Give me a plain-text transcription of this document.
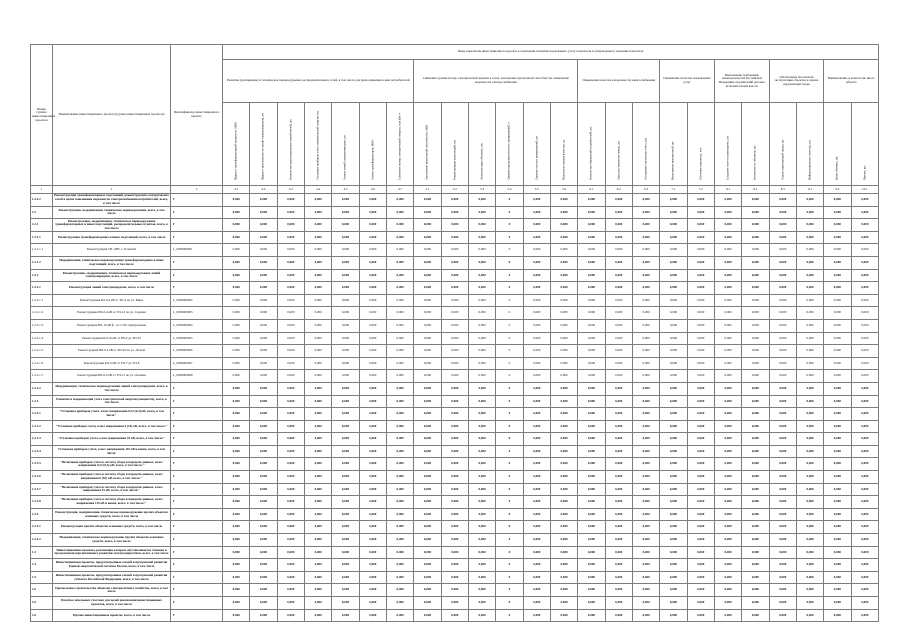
Номер группы инвестиционных проектов	Наименование инвестиционного проекта (группы инвестиционных проектов)	Идентификатор инвестиционного проекта	Иные показатели инвестиционного проекта в отношении значения подлежащего учету показателя и утвержденного значения показателя																							
			Развитие (расширение) и техническое перевооружение распределительных сетей, в том числе для присоединения к ним потребителей							Снижение уровня потерь электрической энергии в сетях, увеличение пропускной способности, повышение надежности электроснабжения						Повышение качества и надежности энергоснабжения			Повышение качества оказываемых услуг		Выполнение требований законодательства Российской Федерации, предписаний органов исполнительной власти		Обеспечение безопасной эксплуатации объектов и охрана окружающей среды		Наименование и количество иного объекта	

			Прирост трансформаторной мощности, МВА	Прирост протяженности линий электропередачи, км	Количество присоединяемых потребителей, шт.	Установка приборов учета электрической энергии, шт.	Замена линий электропередачи, км	Замена трансформаторов, МВА	Снижение потерь электрической энергии, млн кВт·ч	Увеличение пропускной способности, МВт	Реконструкция подстанций, шт.	Автоматизация объектов, шт.	Средняя продолжительность прекращений, ч	Средняя частота прекращений, шт.	Показатель уровня качества, ед.	Количество обращений потребителей, шт.	Срок рассмотрения заявок, дн.	Оснащение системами учета, шт.	Выполнение предписаний, шт.	Обучение персонала, чел.	Создание систем мониторинга, шт.	Безопасность объектов, шт.	Охрана окружающей среды, шт.	Информационные системы, шт.	Иные объекты, шт.	Прочее, шт.

1	2	3	4.1	4.2	4.3	4.4	4.5	4.6	4.7	5.1	5.2	5.3	5.4	5.5	5.6	6.1	6.2	6.3	7.1	7.2	8.1	8.2	8.3	9.1	9.2	10.1
1.2.4.2	Реконструкция трансформаторных подстанций, реконструкция электрических сетей в целях повышения надежности электроснабжения потребителей, всего, в том числе	Г	0,000	0,000	0,000	0,000	0,000	0,000	0,000	0,000	0,000	0,000	0	0,000	0,000	0,000	0,000	0,000	0,000	0,000	0,000	0,000	0,000	0,000	0,000	0,000
1.2	Реконструкция, модернизация, техническое перевооружение, всего, в том числе	Г	0,000	0,000	0,000	0,000	0,000	0,000	0,000	0,000	0,000	0,000	0	0,000	0,000	0,000	0,000	0,000	0,000	0,000	0,000	0,000	0,000	0,000	0,000	0,000
1.2.1	Реконструкция, модернизация, техническое перевооружение трансформаторных и иных подстанций, распределительных пунктов, всего, в том числе	Г	0,000	0,000	0,000	0,000	0,000	0,000	0,000	0,000	0,000	0,000	0	0,000	0,000	0,000	0,000	0,000	0,000	0,000	0,000	0,000	0,000	0,000	0,000	0,000
1.2.1.1	Реконструкция трансформаторных и иных подстанций, всего, в том числе	Г	0,000	0,000	0,000	0,000	0,000	0,000	0,000	0,000	0,000	0,000	0	0,000	0,000	0,000	0,000	0,000	0,000	0,000	0,000	0,000	0,000	0,000	0,000	0,000
1.2.1.1.1	Реконструкция ТП-1085, г. Тольятти	L_0000000001	0,000	0,000	0,000	0,000	0,000	0,000	0,000	0,000	0,000	0,000	0	0,000	0,000	0,000	0,000	0,000	0,000	0,000	0,000	0,000	0,000	0,000	0,000	0,000
1.2.1.2	Модернизация, техническое перевооружение трансформаторных и иных подстанций, всего, в том числе	Г	0,000	0,000	0,000	0,000	0,000	0,000	0,000	0,000	0,000	0,000	0	0,000	0,000	0,000	0,000	0,000	0,000	0,000	0,000	0,000	0,000	0,000	0,000	0,000
1.2.2	Реконструкция, модернизация, техническое перевооружение линий электропередачи, всего, в том числе	Г	0,000	0,000	0,000	0,000	0,000	0,000	0,000	0,000	0,000	0,000	0	0,000	0,000	0,000	0,000	0,000	0,000	0,000	0,000	0,000	0,000	0,000	0,000	0,000
1.2.2.1	Реконструкция линий электропередачи, всего, в том числе	Г	0,000	0,000	0,000	0,000	0,000	0,000	0,000	0,000	0,000	0,000	0	0,000	0,000	0,000	0,000	0,000	0,000	0,000	0,000	0,000	0,000	0,000	0,000	0,000
1.2.2.1.1	Реконструкция КЛ-0,4 кВ от ТП-4 по ул. Мира	L_0000000002	0,000	0,000	0,000	0,000	0,000	0,000	0,000	0,000	0,000	0,000	0	0,000	0,000	0,000	0,000	0,000	0,000	0,000	0,000	0,000	0,000	0,000	0,000	0,000
1.2.2.1.2	Реконструкция ВЛ-0,4 кВ от ТП-12 по ул. Садовая	L_0000000003	0,000	0,000	0,000	0,000	0,000	0,000	0,000	0,000	0,000	0,000	0	0,000	0,000	0,000	0,000	0,000	0,000	0,000	0,000	0,000	0,000	0,000	0,000	0,000
1.2.2.1.3	Реконструкция ВЛ-10 кВ ф. 12 от ПС Центральная	L_0000000004	0,000	0,000	0,000	0,000	0,000	0,000	0,000	0,000	0,000	0,000	0	0,000	0,000	0,000	0,000	0,000	0,000	0,000	0,000	0,000	0,000	0,000	0,000	0,000
1.2.2.1.4	Реконструкция КЛ-10 кВ от РП-2 до ТП-35	L_0000000005	0,000	0,000	0,000	0,000	0,000	0,000	0,000	0,000	0,000	0,000	0	0,000	0,000	0,000	0,000	0,000	0,000	0,000	0,000	0,000	0,000	0,000	0,000	0,000
1.2.2.1.5	Реконструкция ВЛ-0,4 кВ от ТП-20 по ул. Лесная	L_0000000006	0,000	0,000	0,000	0,000	0,000	0,000	0,000	0,000	0,000	0,000	0	0,000	0,000	0,000	0,000	0,000	0,000	0,000	0,000	0,000	0,000	0,000	0,000	0,000
1.2.2.1.6	Реконструкция КЛ-6 кВ от ТП-7 до ТП-8	L_0000000007	0,000	0,000	0,000	0,000	0,000	0,000	0,000	0,000	0,000	0,000	0	0,000	0,000	0,000	0,000	0,000	0,000	0,000	0,000	0,000	0,000	0,000	0,000	0,000
1.2.2.1.7	Реконструкция ВЛ-0,4 кВ от ТП-15 по ул. Полевая	L_0000000008	0,000	0,000	0,000	0,000	0,000	0,000	0,000	0,000	0,000	0,000	0	0,000	0,000	0,000	0,000	0,000	0,000	0,000	0,000	0,000	0,000	0,000	0,000	0,000
1.2.2.2	Модернизация, техническое перевооружение линий электропередачи, всего, в том числе	Г	0,000	0,000	0,000	0,000	0,000	0,000	0,000	0,000	0,000	0,000	0	0,000	0,000	0,000	0,000	0,000	0,000	0,000	0,000	0,000	0,000	0,000	0,000	0,000
1.2.3	Развитие и модернизация учета электрической энергии (мощности), всего, в том числе	Г	0,000	0,000	0,000	0,000	0,000	0,000	0,000	0,000	0,000	0,000	0	0,000	0,000	0,000	0,000	0,000	0,000	0,000	0,000	0,000	0,000	0,000	0,000	0,000
1.2.3.1	"Установка приборов учета, класс напряжения 0,22 (0,4) кВ, всего, в том числе:"	Г	0,000	0,000	0,000	0,000	0,000	0,000	0,000	0,000	0,000	0,000	0	0,000	0,000	0,000	0,000	0,000	0,000	0,000	0,000	0,000	0,000	0,000	0,000	0,000
1.2.3.2	"Установка приборов учета, класс напряжения 6 (10) кВ, всего, в том числе:"	Г	0,000	0,000	0,000	0,000	0,000	0,000	0,000	0,000	0,000	0,000	0	0,000	0,000	0,000	0,000	0,000	0,000	0,000	0,000	0,000	0,000	0,000	0,000	0,000
1.2.3.3	"Установка приборов учета, класс напряжения 35 кВ, всего, в том числе:"	Г	0,000	0,000	0,000	0,000	0,000	0,000	0,000	0,000	0,000	0,000	0	0,000	0,000	0,000	0,000	0,000	0,000	0,000	0,000	0,000	0,000	0,000	0,000	0,000
1.2.3.4	Установка приборов учета, класс напряжения 110 кВ и выше, всего, в том числе:	Г	0,000	0,000	0,000	0,000	0,000	0,000	0,000	0,000	0,000	0,000	0	0,000	0,000	0,000	0,000	0,000	0,000	0,000	0,000	0,000	0,000	0,000	0,000	0,000
1.2.3.5	"Включение приборов учета в систему сбора и передачи данных, класс напряжения 0,22 (0,4) кВ, всего, в том числе:"	Г	0,000	0,000	0,000	0,000	0,000	0,000	0,000	0,000	0,000	0,000	0	0,000	0,000	0,000	0,000	0,000	0,000	0,000	0,000	0,000	0,000	0,000	0,000	0,000
1.2.3.6	"Включение приборов учета в систему сбора и передачи данных, класс напряжения 6 (10) кВ, всего, в том числе:"	Г	0,000	0,000	0,000	0,000	0,000	0,000	0,000	0,000	0,000	0,000	0	0,000	0,000	0,000	0,000	0,000	0,000	0,000	0,000	0,000	0,000	0,000	0,000	0,000
1.2.3.7	"Включение приборов учета в систему сбора и передачи данных, класс напряжения 35 кВ, всего, в том числе:"	Г	0,000	0,000	0,000	0,000	0,000	0,000	0,000	0,000	0,000	0,000	0	0,000	0,000	0,000	0,000	0,000	0,000	0,000	0,000	0,000	0,000	0,000	0,000	0,000
1.2.3.8	"Включение приборов учета в систему сбора и передачи данных, класс напряжения 110 кВ и выше, всего, в том числе:"	Г	0,000	0,000	0,000	0,000	0,000	0,000	0,000	0,000	0,000	0,000	0	0,000	0,000	0,000	0,000	0,000	0,000	0,000	0,000	0,000	0,000	0,000	0,000	0,000
1.2.4	Реконструкция, модернизация, техническое перевооружение прочих объектов основных средств, всего, в том числе	Г	0,000	0,000	0,000	0,000	0,000	0,000	0,000	0,000	0,000	0,000	0	0,000	0,000	0,000	0,000	0,000	0,000	0,000	0,000	0,000	0,000	0,000	0,000	0,000
1.2.4.1	Реконструкция прочих объектов основных средств, всего, в том числе	Г	0,000	0,000	0,000	0,000	0,000	0,000	0,000	0,000	0,000	0,000	0	0,000	0,000	0,000	0,000	0,000	0,000	0,000	0,000	0,000	0,000	0,000	0,000	0,000
1.2.4.2	Модернизация, техническое перевооружение прочих объектов основных средств, всего, в том числе	Г	0,000	0,000	0,000	0,000	0,000	0,000	0,000	0,000	0,000	0,000	0	0,000	0,000	0,000	0,000	0,000	0,000	0,000	0,000	0,000	0,000	0,000	0,000	0,000
1.3	Инвестиционные проекты, реализация которых обуславливается схемами и программами перспективного развития электроэнергетики, всего, в том числе	Г	0,000	0,000	0,000	0,000	0,000	0,000	0,000	0,000	0,000	0,000	0	0,000	0,000	0,000	0,000	0,000	0,000	0,000	0,000	0,000	0,000	0,000	0,000	0,000
1.4	Инвестиционные проекты, предусмотренные схемой и программой развития Единой энергетической системы России, всего, в том числе	Г	0,000	0,000	0,000	0,000	0,000	0,000	0,000	0,000	0,000	0,000	0	0,000	0,000	0,000	0,000	0,000	0,000	0,000	0,000	0,000	0,000	0,000	0,000	0,000
1.5	Инвестиционные проекты, предусмотренные схемой и программой развития субъекта Российской Федерации, всего, в том числе	Г	0,000	0,000	0,000	0,000	0,000	0,000	0,000	0,000	0,000	0,000	0	0,000	0,000	0,000	0,000	0,000	0,000	0,000	0,000	0,000	0,000	0,000	0,000	0,000
1.6	Прочее новое строительство объектов электросетевого хозяйства, всего, в том числе	Г	0,000	0,000	0,000	0,000	0,000	0,000	0,000	0,000	0,000	0,000	0	0,000	0,000	0,000	0,000	0,000	0,000	0,000	0,000	0,000	0,000	0,000	0,000	0,000
1.6	Покупка земельных участков для целей реализации инвестиционных проектов, всего, в том числе	Г	0,000	0,000	0,000	0,000	0,000	0,000	0,000	0,000	0,000	0,000	0	0,000	0,000	0,000	0,000	0,000	0,000	0,000	0,000	0,000	0,000	0,000	0,000	0,000
1.6	Прочие инвестиционные проекты, всего, в том числе	Г	0,000	0,000	0,000	0,000	0,000	0,000	0,000	0,000	0,000	0,000	0	0,000	0,000	0,000	0,000	0,000	0,000	0,000	0,000	0,000	0,000	0,000	0,000	0,000
